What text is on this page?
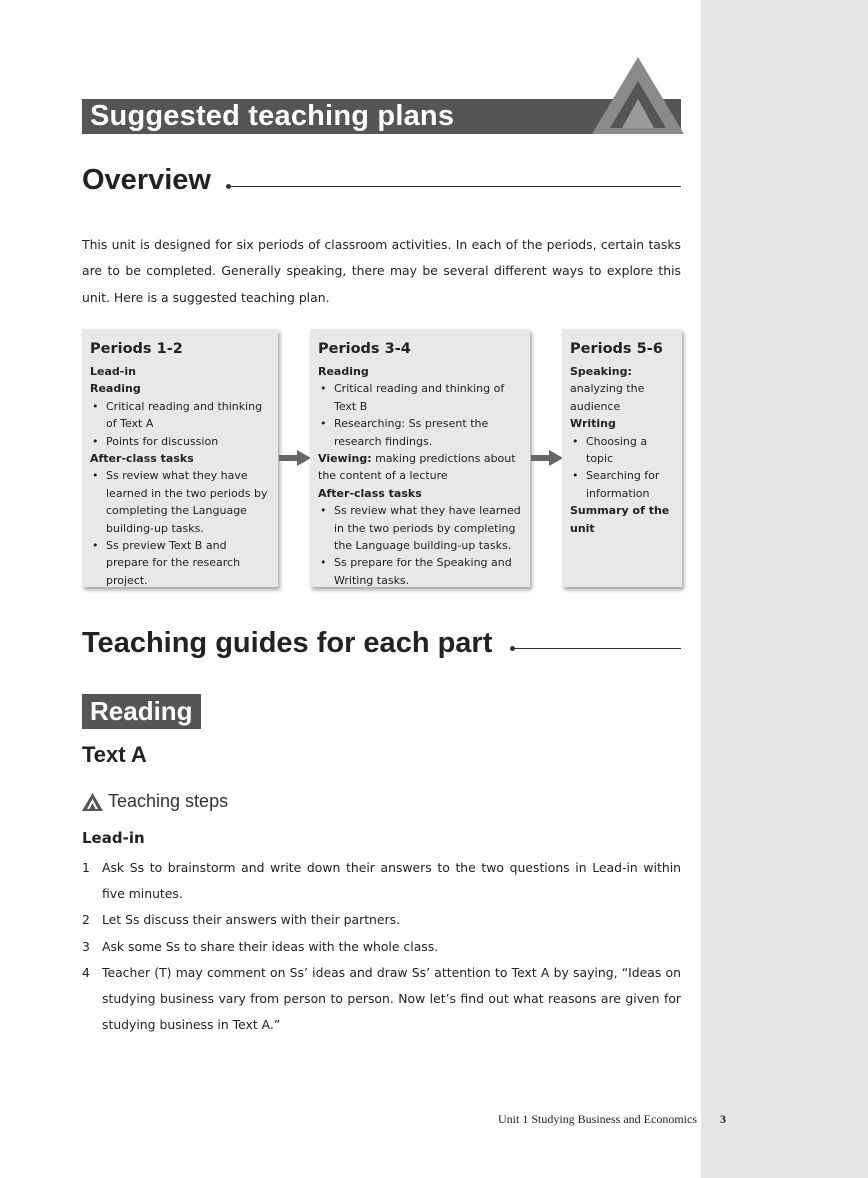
Suggested teaching plans
Overview

This unit is designed for six periods of classroom activities. In each of the periods, certain tasks are to be completed. Generally speaking, there may be several different ways to explore this unit. Here is a suggested teaching plan.

Periods 1-2
Lead-in
Reading
• Critical reading and thinking of Text A
• Points for discussion
After-class tasks
• Ss review what they have learned in the two periods by completing the Language building-up tasks.
• Ss preview Text B and prepare for the research project.
Periods 3-4
Reading
• Critical reading and thinking of Text B
• Researching: Ss present the research findings.
Viewing: making predictions about the content of a lecture
After-class tasks
• Ss review what they have learned in the two periods by completing the Language building-up tasks.
• Ss prepare for the Speaking and Writing tasks.
Periods 5-6
Speaking: analyzing the audience
Writing
• Choosing a topic
• Searching for information
Summary of the unit
Teaching guides for each part
Reading
Text A
Teaching steps
Lead-in
1 Ask Ss to brainstorm and write down their answers to the two questions in Lead-in within five minutes.
2 Let Ss discuss their answers with their partners.
3 Ask some Ss to share their ideas with the whole class.
4 Teacher (T) may comment on Ss’ ideas and draw Ss’ attention to Text A by saying, “Ideas on studying business vary from person to person. Now let’s find out what reasons are given for studying business in Text A.”
Unit 1 Studying Business and Economics 3
